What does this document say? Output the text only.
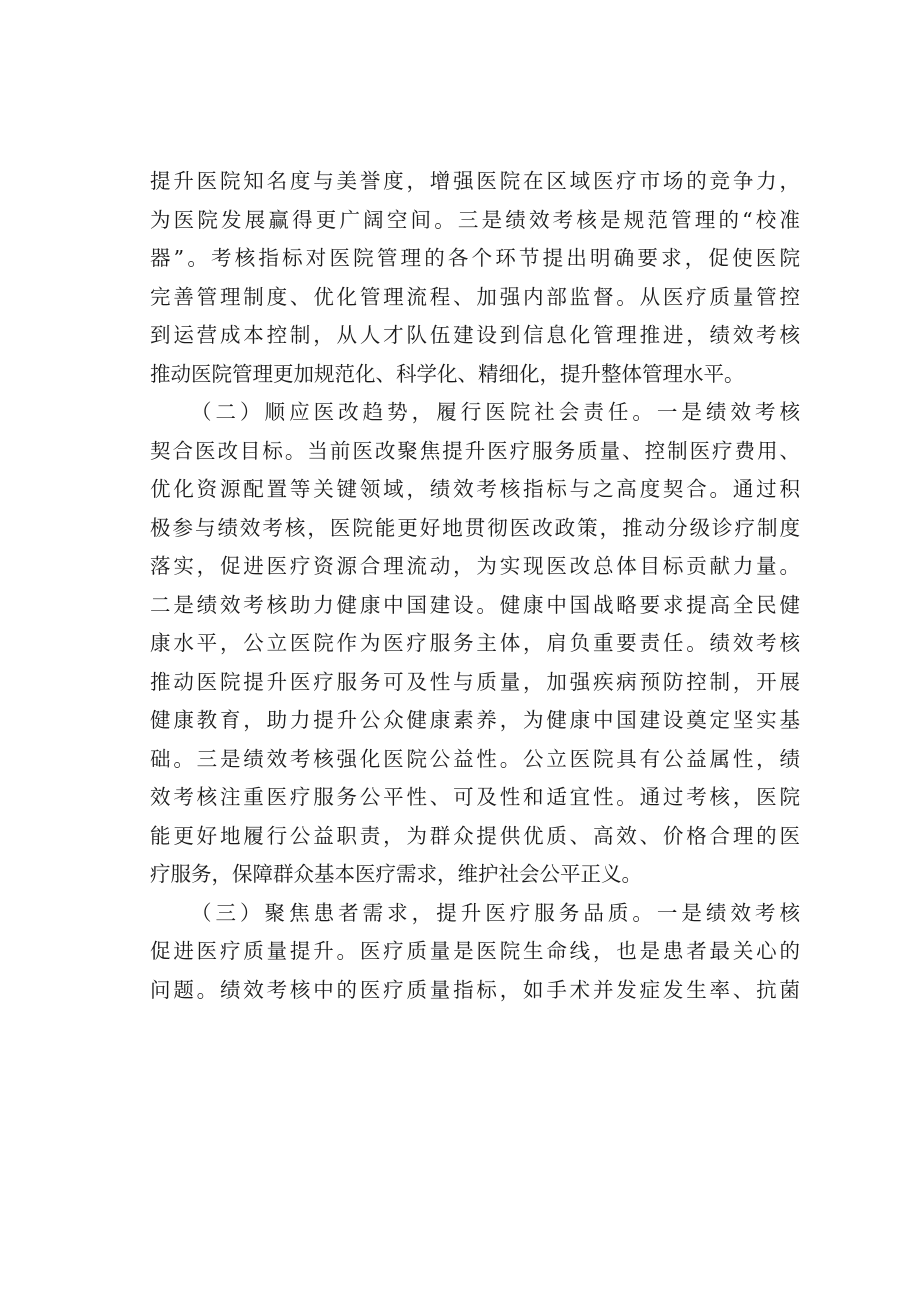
提升医院知名度与美誉度，增强医院在区域医疗市场的竞争力，
为医院发展赢得更广阔空间。三是绩效考核是规范管理的“校准
器”。考核指标对医院管理的各个环节提出明确要求，促使医院
完善管理制度、优化管理流程、加强内部监督。从医疗质量管控
到运营成本控制，从人才队伍建设到信息化管理推进，绩效考核
推动医院管理更加规范化、科学化、精细化，提升整体管理水平。
（二）顺应医改趋势，履行医院社会责任。一是绩效考核
契合医改目标。当前医改聚焦提升医疗服务质量、控制医疗费用、
优化资源配置等关键领域，绩效考核指标与之高度契合。通过积
极参与绩效考核，医院能更好地贯彻医改政策，推动分级诊疗制度
落实，促进医疗资源合理流动，为实现医改总体目标贡献力量。
二是绩效考核助力健康中国建设。健康中国战略要求提高全民健
康水平，公立医院作为医疗服务主体，肩负重要责任。绩效考核
推动医院提升医疗服务可及性与质量，加强疾病预防控制，开展
健康教育，助力提升公众健康素养，为健康中国建设奠定坚实基
础。三是绩效考核强化医院公益性。公立医院具有公益属性，绩
效考核注重医疗服务公平性、可及性和适宜性。通过考核，医院
能更好地履行公益职责，为群众提供优质、高效、价格合理的医
疗服务，保障群众基本医疗需求，维护社会公平正义。
（三）聚焦患者需求，提升医疗服务品质。一是绩效考核
促进医疗质量提升。医疗质量是医院生命线，也是患者最关心的
问题。绩效考核中的医疗质量指标，如手术并发症发生率、抗菌
